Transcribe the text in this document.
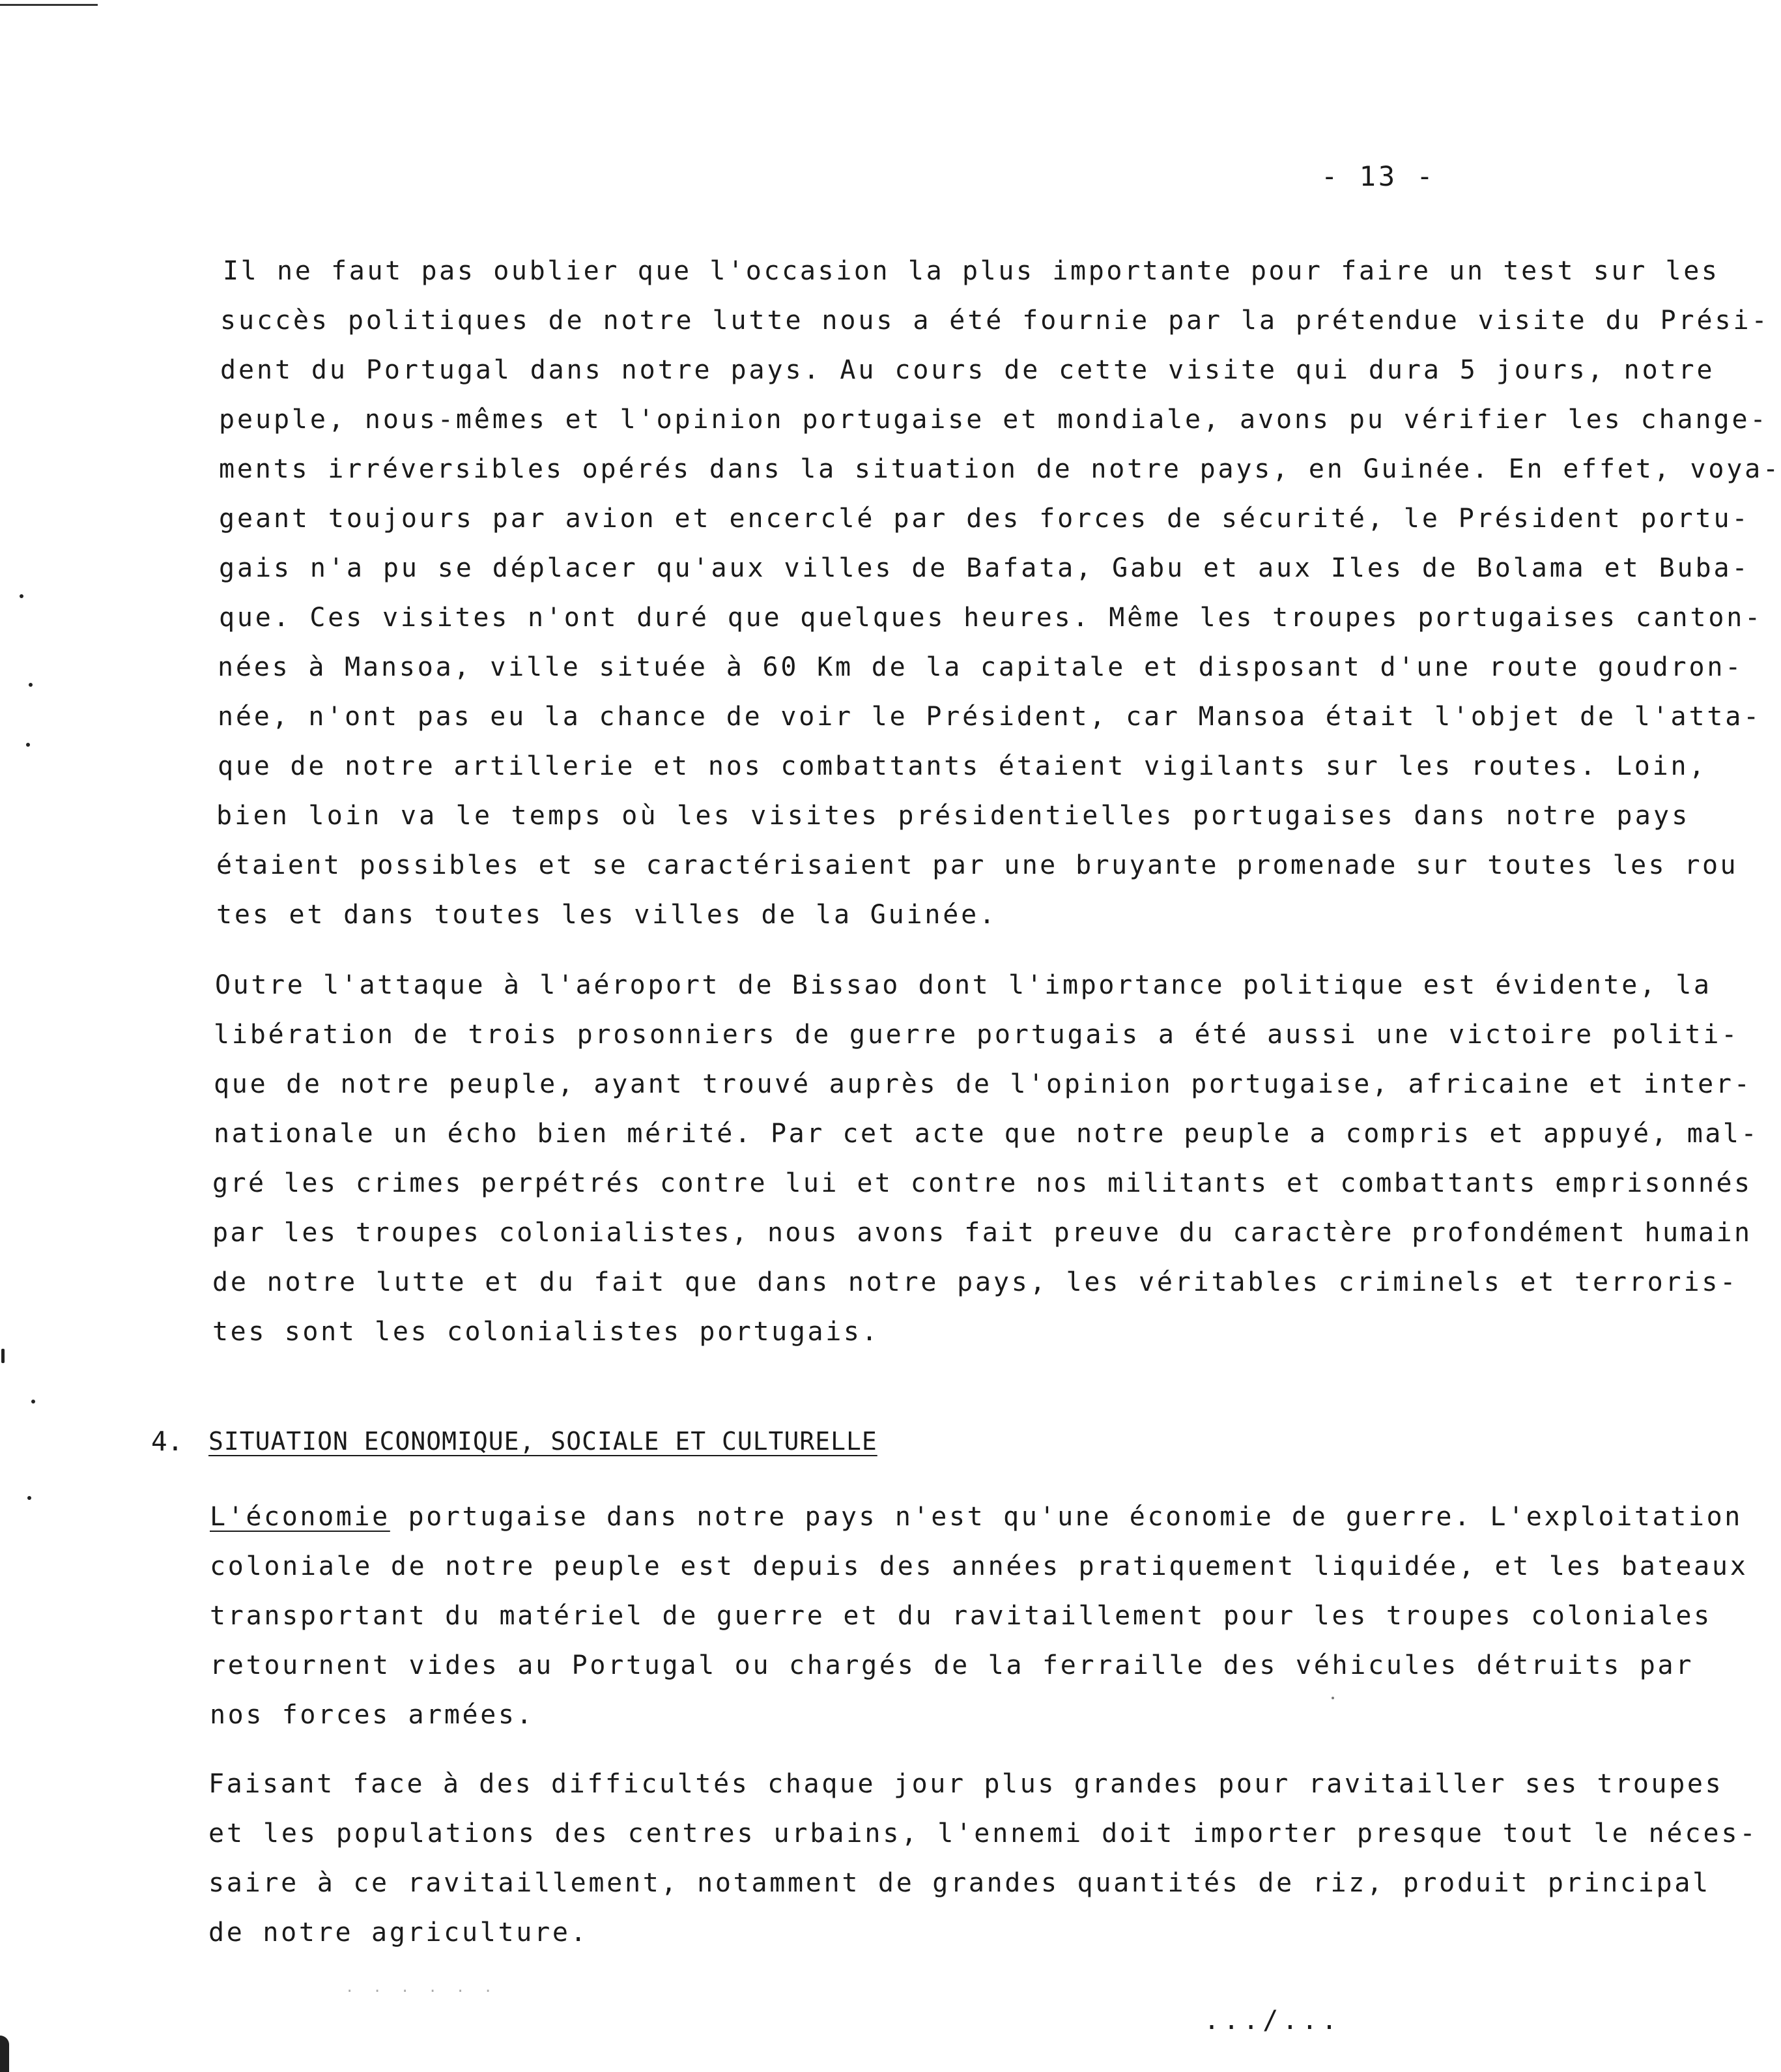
- 13 -
Il ne faut pas oublier que l'occasion la plus importante pour faire un test sur les
succès politiques de notre lutte nous a été fournie par la prétendue visite du Prési-
dent du Portugal dans notre pays. Au cours de cette visite qui dura 5 jours, notre
peuple, nous-mêmes et l'opinion portugaise et mondiale, avons pu vérifier les change-
ments irréversibles opérés dans la situation de notre pays, en Guinée. En effet, voya-
geant toujours par avion et encerclé par des forces de sécurité, le Président portu-
gais n'a pu se déplacer qu'aux villes de Bafata, Gabu et aux Iles de Bolama et Buba-
que. Ces visites n'ont duré que quelques heures. Même les troupes portugaises canton-
nées à Mansoa, ville située à 60 Km de la capitale et disposant d'une route goudron-
née, n'ont pas eu la chance de voir le Président, car Mansoa était l'objet de l'atta-
que de notre artillerie et nos combattants étaient vigilants sur les routes. Loin,
bien loin va le temps où les visites présidentielles portugaises dans notre pays
étaient possibles et se caractérisaient par une bruyante promenade sur toutes les rou
tes et dans toutes les villes de la Guinée.
Outre l'attaque à l'aéroport de Bissao dont l'importance politique est évidente, la
libération de trois prosonniers de guerre portugais a été aussi une victoire politi-
que de notre peuple, ayant trouvé auprès de l'opinion portugaise, africaine et inter-
nationale un écho bien mérité. Par cet acte que notre peuple a compris et appuyé, mal-
gré les crimes perpétrés contre lui et contre nos militants et combattants emprisonnés
par les troupes colonialistes, nous avons fait preuve du caractère profondément humain
de notre lutte et du fait que dans notre pays, les véritables criminels et terroris-
tes sont les colonialistes portugais.
4. SITUATION ECONOMIQUE, SOCIALE ET CULTURELLE
L'économie portugaise dans notre pays n'est qu'une économie de guerre. L'exploitation
coloniale de notre peuple est depuis des années pratiquement liquidée, et les bateaux
transportant du matériel de guerre et du ravitaillement pour les troupes coloniales
retournent vides au Portugal ou chargés de la ferraille des véhicules détruits par
nos forces armées.
Faisant face à des difficultés chaque jour plus grandes pour ravitailler ses troupes
et les populations des centres urbains, l'ennemi doit importer presque tout le néces-
saire à ce ravitaillement, notamment de grandes quantités de riz, produit principal
de notre agriculture.
· · · · · ·
.../...
